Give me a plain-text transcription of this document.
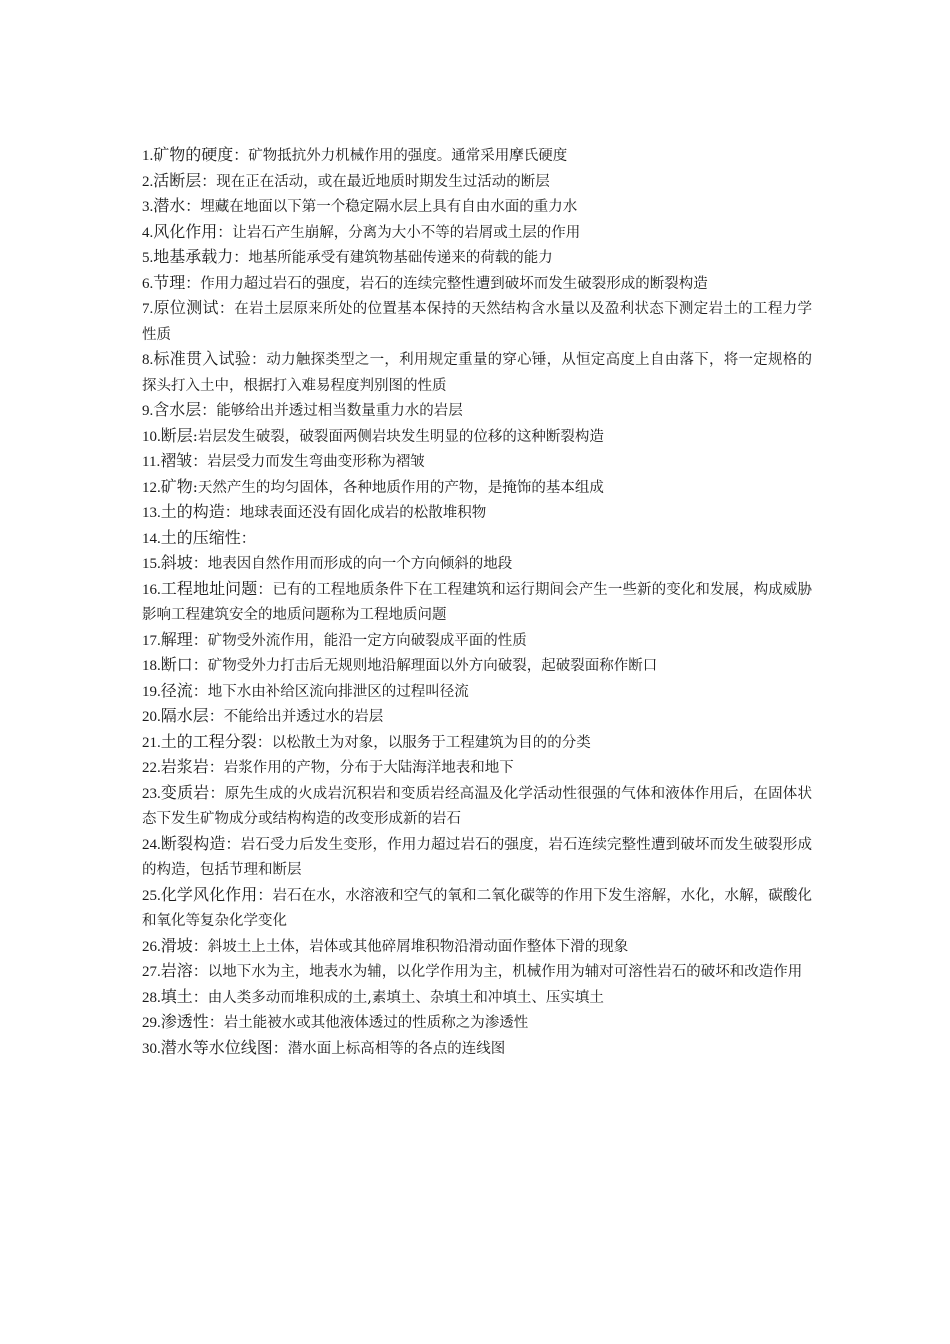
1.矿物的硬度：矿物抵抗外力机械作用的强度。通常采用摩氏硬度

2.活断层：现在正在活动，或在最近地质时期发生过活动的断层

3.潜水：埋藏在地面以下第一个稳定隔水层上具有自由水面的重力水

4.风化作用：让岩石产生崩解，分离为大小不等的岩屑或土层的作用

5.地基承载力：地基所能承受有建筑物基础传递来的荷载的能力

6.节理：作用力超过岩石的强度，岩石的连续完整性遭到破坏而发生破裂形成的断裂构造

7.原位测试：在岩土层原来所处的位置基本保持的天然结构含水量以及盈利状态下测定岩土的工程力学性质

8.标准贯入试验：动力触探类型之一，利用规定重量的穿心锤，从恒定高度上自由落下，将一定规格的探头打入土中，根据打入难易程度判别图的性质

9.含水层：能够给出并透过相当数量重力水的岩层

10.断层:岩层发生破裂，破裂面两侧岩块发生明显的位移的这种断裂构造

11.褶皱：岩层受力而发生弯曲变形称为褶皱

12.矿物:天然产生的均匀固体，各种地质作用的产物，是掩饰的基本组成

13.土的构造：地球表面还没有固化成岩的松散堆积物

14.土的压缩性：

15.斜坡：地表因自然作用而形成的向一个方向倾斜的地段

16.工程地址问题：已有的工程地质条件下在工程建筑和运行期间会产生一些新的变化和发展，构成威胁影响工程建筑安全的地质问题称为工程地质问题

17.解理：矿物受外流作用，能沿一定方向破裂成平面的性质

18.断口：矿物受外力打击后无规则地沿解理面以外方向破裂，起破裂面称作断口

19.径流：地下水由补给区流向排泄区的过程叫径流

20.隔水层：不能给出并透过水的岩层

21.土的工程分裂：以松散土为对象，以服务于工程建筑为目的的分类

22.岩浆岩：岩浆作用的产物，分布于大陆海洋地表和地下

23.变质岩：原先生成的火成岩沉积岩和变质岩经高温及化学活动性很强的气体和液体作用后，在固体状态下发生矿物成分或结构构造的改变形成新的岩石

24.断裂构造：岩石受力后发生变形，作用力超过岩石的强度，岩石连续完整性遭到破坏而发生破裂形成的构造，包括节理和断层

25.化学风化作用：岩石在水，水溶液和空气的氧和二氧化碳等的作用下发生溶解，水化，水解，碳酸化和氧化等复杂化学变化

26.滑坡：斜坡土上土体，岩体或其他碎屑堆积物沿滑动面作整体下滑的现象

27.岩溶：以地下水为主，地表水为辅，以化学作用为主，机械作用为辅对可溶性岩石的破坏和改造作用

28.填土：由人类多动而堆积成的土,素填土、杂填土和冲填土、压实填土

29.渗透性：岩土能被水或其他液体透过的性质称之为渗透性

30.潜水等水位线图：潜水面上标高相等的各点的连线图
